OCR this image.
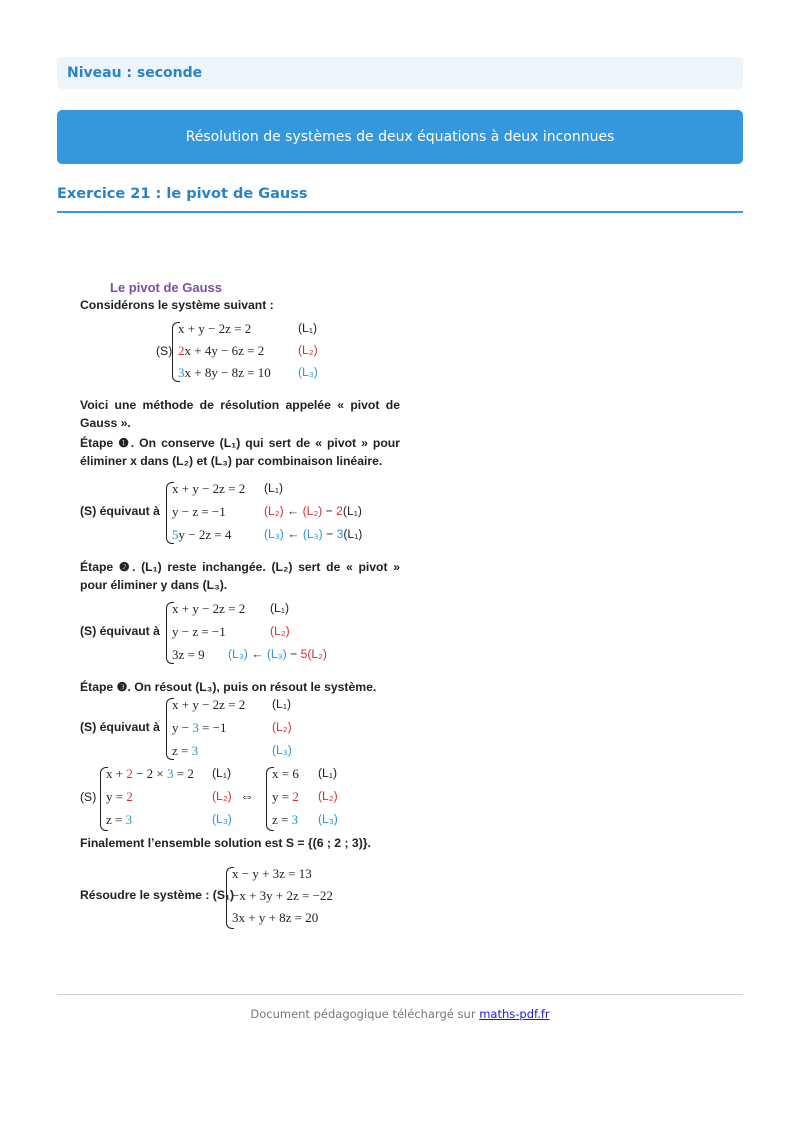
Niveau : seconde
Résolution de systèmes de deux équations à deux inconnues
Exercice 21 : le pivot de Gauss
Le pivot de Gauss
Considérons le système suivant :
(S)
x + y − 2z = 2
2x + 4y − 6z = 2
3x + 8y − 8z = 10
(L₁)
(L₂)
(L₃)
Voici une méthode de résolution appelée « pivot de Gauss ».
Étape ❶. On conserve (L₁) qui sert de « pivot » pour éliminer x dans (L₂) et (L₃) par combinaison linéaire.
(S) équivaut à
x + y − 2z = 2
y − z = −1
5y − 2z = 4
(L₁)
(L₂) ← (L₂) − 2(L₁)
(L₃) ← (L₃) − 3(L₁)
Étape ❷. (L₁) reste inchangée. (L₂) sert de « pivot » pour éliminer y dans (L₃).
(S) équivaut à
x + y − 2z = 2
y − z = −1
3z = 9
(L₁)
(L₂)
(L₃) ← (L₃) − 5(L₂)
Étape ❸. On résout (L₃), puis on résout le système.
(S) équivaut à
x + y − 2z = 2
y − 3 = −1
z = 3
(L₁)
(L₂)
(L₃)
(S)
x + 2 − 2 × 3 = 2
y = 2
z = 3
(L₁)
(L₂)
(L₃)
⇔
x = 6
y = 2
z = 3
(L₁)
(L₂)
(L₃)
Finalement l’ensemble solution est S = {(6 ; 2 ; 3)}.
Résoudre le système : (S₁)
x − y + 3z = 13
−x + 3y + 2z = −22
3x + y + 8z = 20
Document pédagogique téléchargé sur maths-pdf.fr
